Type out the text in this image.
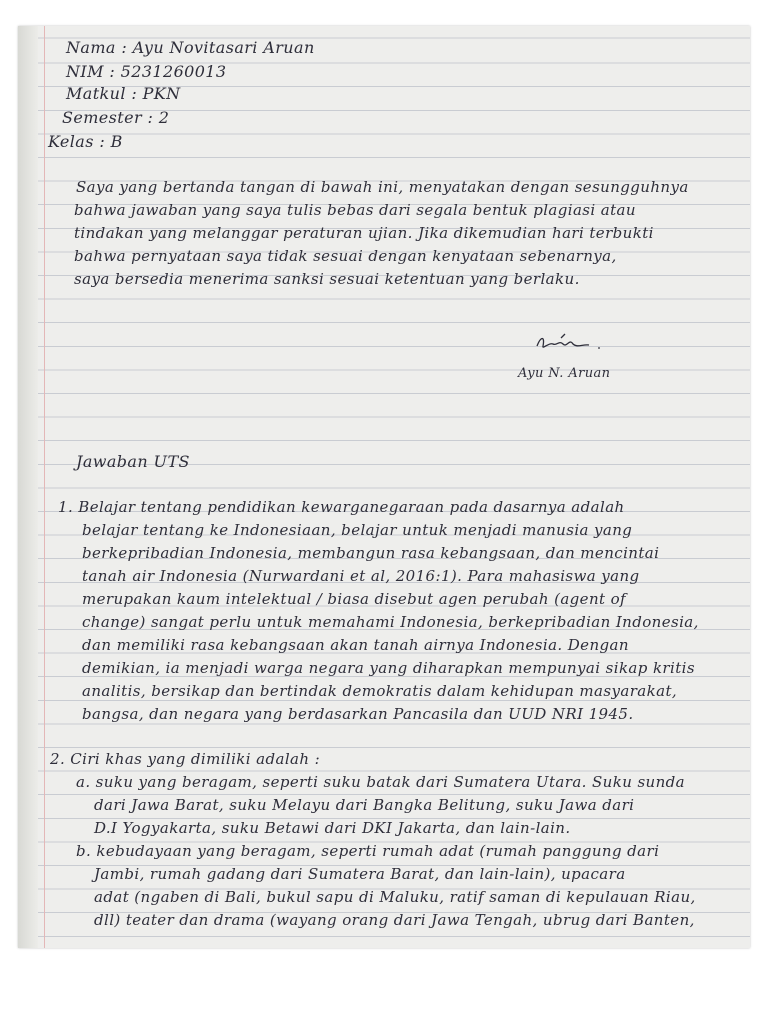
Nama : Ayu Novitasari Aruan
NIM : 5231260013
Matkul : PKN
Semester : 2
Kelas : B
Saya yang bertanda tangan di bawah ini, menyatakan dengan sesungguhnya
bahwa jawaban yang saya tulis bebas dari segala bentuk plagiasi atau
tindakan yang melanggar peraturan ujian. Jika dikemudian hari terbukti
bahwa pernyataan saya tidak sesuai dengan kenyataan sebenarnya,
saya bersedia menerima sanksi sesuai ketentuan yang berlaku.
Ayu N. Aruan
Jawaban UTS
1. Belajar tentang pendidikan kewarganegaraan pada dasarnya adalah
belajar tentang ke Indonesiaan, belajar untuk menjadi manusia yang
berkepribadian Indonesia, membangun rasa kebangsaan, dan mencintai
tanah air Indonesia (Nurwardani et al, 2016:1). Para mahasiswa yang
merupakan kaum intelektual / biasa disebut agen perubah (agent of
change) sangat perlu untuk memahami Indonesia, berkepribadian Indonesia,
dan memiliki rasa kebangsaan akan tanah airnya Indonesia. Dengan
demikian, ia menjadi warga negara yang diharapkan mempunyai sikap kritis
analitis, bersikap dan bertindak demokratis dalam kehidupan masyarakat,
bangsa, dan negara yang berdasarkan Pancasila dan UUD NRI 1945.
2. Ciri khas yang dimiliki adalah :
a. suku yang beragam, seperti suku batak dari Sumatera Utara. Suku sunda
dari Jawa Barat, suku Melayu dari Bangka Belitung, suku Jawa dari
D.I Yogyakarta, suku Betawi dari DKI Jakarta, dan lain-lain.
b. kebudayaan yang beragam, seperti rumah adat (rumah panggung dari
Jambi, rumah gadang dari Sumatera Barat, dan lain-lain), upacara
adat (ngaben di Bali, bukul sapu di Maluku, ratif saman di kepulauan Riau,
dll) teater dan drama (wayang orang dari Jawa Tengah, ubrug dari Banten,
